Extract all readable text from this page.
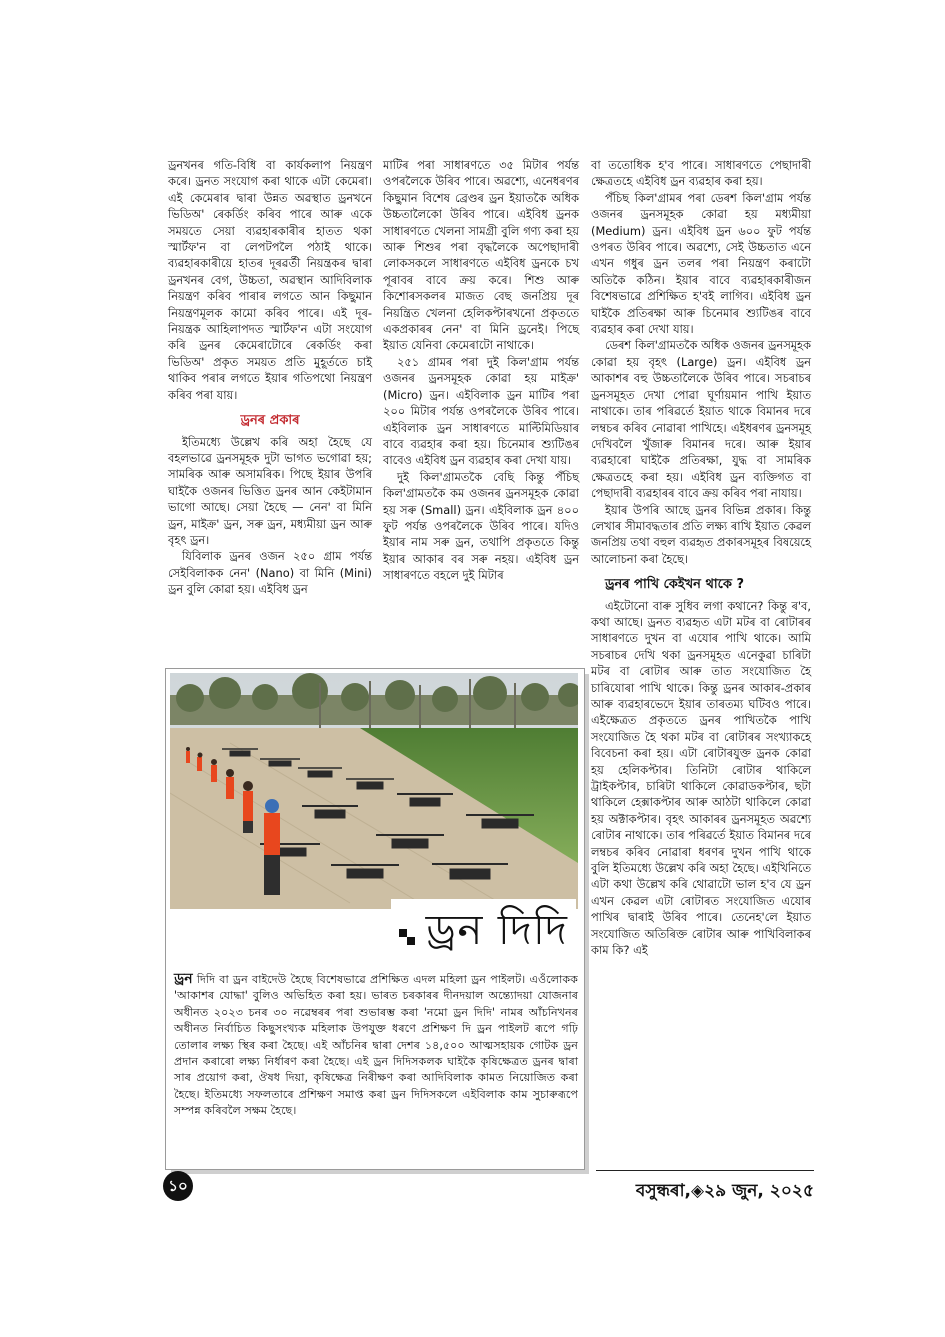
ড্ৰনখনৰ গতি-বিধি বা কাৰ্যকলাপ নিয়ন্ত্ৰণ কৰে। ড্ৰনত সংযোগ কৰা থাকে এটা কেমেৰা। এই কেমেৰাৰ দ্বাৰা উন্নত অৱস্থাত ড্ৰনখনে ভিডিঅ' ৰেকৰ্ডিং কৰিব পাৰে আৰু একে সময়তে সেয়া ব্যৱহাৰকাৰীৰ হাতত থকা স্মাৰ্টফ'ন বা লেপটপলৈ পঠাই থাকে। ব্যৱহাৰকাৰীয়ে হাতৰ দূৰৱৰ্তী নিয়ন্ত্ৰকৰ দ্বাৰা ড্ৰনখনৰ বেগ, উচ্চতা, অৱস্থান আদিবিলাক নিয়ন্ত্ৰণ কৰিব পাৰাৰ লগতে আন কিছুমান নিয়ন্ত্ৰণমূলক কামো কৰিব পাৰে। এই দূৰ-নিয়ন্ত্ৰক আহিলাপদত স্মাৰ্টফ'ন এটা সংযোগ কৰি ড্ৰনৰ কেমেৰাটোৰে ৰেকৰ্ডিং কৰা ভিডিঅ' প্ৰকৃত সময়ত প্ৰতি মুহূৰ্ততে চাই থাকিব পৰাৰ লগতে ইয়াৰ গতিপথো নিয়ন্ত্ৰণ কৰিব পৰা যায়।

ড্ৰনৰ প্ৰকাৰ

ইতিমধ্যে উল্লেখ কৰি অহা হৈছে যে বহলভাৱে ড্ৰনসমূহক দুটা ভাগত ভগোৱা হয়; সামৰিক আৰু অসামৰিক। পিছে ইয়াৰ উপৰি ঘাইকৈ ওজনৰ ভিত্তিত ড্ৰনৰ আন কেইটামান ভাগো আছে। সেয়া হৈছে — নেন' বা মিনি ড্ৰন, মাইক্ৰ' ড্ৰন, সৰু ড্ৰন, মধ্যমীয়া ড্ৰন আৰু বৃহৎ ড্ৰন।

যিবিলাক ড্ৰনৰ ওজন ২৫০ গ্ৰাম পৰ্যন্ত সেইবিলাকক নেন' (Nano) বা মিনি (Mini) ড্ৰন বুলি কোৱা হয়। এইবিধ ড্ৰন

মাটিৰ পৰা সাধাৰণতে ৩৫ মিটাৰ পৰ্যন্ত ওপৰলৈকে উৰিব পাৰে। অৱশ্যে, এনেধৰণৰ কিছুমান বিশেষ ব্ৰেণ্ডৰ ড্ৰন ইয়াতকৈ অধিক উচ্চতালৈকো উৰিব পাৰে। এইবিধ ড্ৰনক সাধাৰণতে খেলনা সামগ্ৰী বুলি গণ্য কৰা হয় আৰু শিশুৰ পৰা বৃদ্ধলৈকে অপেছাদাৰী লোকসকলে সাধাৰণতে এইবিধ ড্ৰনকে চখ পূৰাবৰ বাবে ক্ৰয় কৰে। শিশু আৰু কিশোৰসকলৰ মাজত বেছ জনপ্ৰিয় দূৰ নিয়ন্ত্ৰিত খেলনা হেলিকপ্টাৰখনো প্ৰকৃততে একপ্ৰকাৰৰ নেন' বা মিনি ড্ৰনেই। পিছে ইয়াত যেনিবা কেমেৰাটো নাথাকে।

২৫১ গ্ৰামৰ পৰা দুই কিল'গ্ৰাম পৰ্যন্ত ওজনৰ ড্ৰনসমূহক কোৱা হয় মাইক্ৰ' (Micro) ড্ৰন। এইবিলাক ড্ৰন মাটিৰ পৰা ২০০ মিটাৰ পৰ্যন্ত ওপৰলৈকে উৰিব পাৰে। এইবিলাক ড্ৰন সাধাৰণতে মাল্টিমিডিয়াৰ বাবে ব্যৱহাৰ কৰা হয়। চিনেমাৰ শ্যুটিঙৰ বাবেও এইবিধ ড্ৰন ব্যৱহাৰ কৰা দেখা যায়।

দুই কিল'গ্ৰামতকৈ বেছি কিন্তু পঁচিছ কিল'গ্ৰামতকৈ কম ওজনৰ ড্ৰনসমূহক কোৱা হয় সৰু (Small) ড্ৰন। এইবিলাক ড্ৰন ৪০০ ফুট পৰ্যন্ত ওপৰলৈকে উৰিব পাৰে। যদিও ইয়াৰ নাম সৰু ড্ৰন, তথাপি প্ৰকৃততে কিন্তু ইয়াৰ আকাৰ বৰ সৰু নহয়। এইবিধ ড্ৰন সাধাৰণতে বহলে দুই মিটাৰ

বা ততোধিক হ'ব পাৰে। সাধাৰণতে পেছাদাৰী ক্ষেত্ৰতহে এইবিধ ড্ৰন ব্যৱহাৰ কৰা হয়।

পঁচিছ কিল'গ্ৰামৰ পৰা ডেৰশ কিল'গ্ৰাম পৰ্যন্ত ওজনৰ ড্ৰনসমূহক কোৱা হয় মধ্যমীয়া (Medium) ড্ৰন। এইবিধ ড্ৰন ৬০০ ফুট পৰ্যন্ত ওপৰত উৰিব পাৰে। অৱশ্যে, সেই উচ্চতাত এনে এখন গধুৰ ড্ৰন তলৰ পৰা নিয়ন্ত্ৰণ কৰাটো অতিকৈ কঠিন। ইয়াৰ বাবে ব্যৱহাৰকাৰীজন বিশেষভাৱে প্ৰশিক্ষিত হ'বই লাগিব। এইবিধ ড্ৰন ঘাইকৈ প্ৰতিৰক্ষা আৰু চিনেমাৰ শ্যুটিঙৰ বাবে ব্যৱহাৰ কৰা দেখা যায়।

ডেৰশ কিল'গ্ৰামতকৈ অধিক ওজনৰ ড্ৰনসমূহক কোৱা হয় বৃহৎ (Large) ড্ৰন। এইবিধ ড্ৰন আকাশৰ বহু উচ্চতালৈকে উৰিব পাৰে। সচৰাচৰ ড্ৰনসমূহত দেখা পোৱা ঘূৰ্ণায়মান পাখি ইয়াত নাথাকে। তাৰ পৰিৱৰ্তে ইয়াত থাকে বিমানৰ দৰে লম্বচৰ কৰিব নোৱাৰা পাখিহে। এইধৰণৰ ড্ৰনসমূহ দেখিবলৈ খুঁজাৰু বিমানৰ দৰে। আৰু ইয়াৰ ব্যৱহাৰো ঘাইকৈ প্ৰতিৰক্ষা, যুদ্ধ বা সামৰিক ক্ষেত্ৰতহে কৰা হয়। এইবিধ ড্ৰন ব্যক্তিগত বা পেছাদাৰী ব্যৱহাৰৰ বাবে ক্ৰয় কৰিব পৰা নাযায়।

ইয়াৰ উপৰি আছে ড্ৰনৰ বিভিন্ন প্ৰকাৰ। কিন্তু লেখাৰ সীমাবদ্ধতাৰ প্ৰতি লক্ষ্য ৰাখি ইয়াত কেৱল জনপ্ৰিয় তথা বহুল ব্যৱহৃত প্ৰকাৰসমূহৰ বিষয়েহে আলোচনা কৰা হৈছে।

ড্ৰনৰ পাখি কেইখন থাকে ?

এইটোনো বাৰু সুধিব লগা কথানে? কিন্তু ৰ'ব, কথা আছে। ড্ৰনত ব্যৱহৃত এটা মটৰ বা ৰোটাৰৰ সাধাৰণতে দুখন বা এযোৰ পাখি থাকে। আমি সচৰাচৰ দেখি থকা ড্ৰনসমূহত এনেকুৱা চাৰিটা মটৰ বা ৰোটাৰ আৰু তাত সংযোজিত হৈ চাৰিযোৰা পাখি থাকে। কিন্তু ড্ৰনৰ আকাৰ-প্ৰকাৰ আৰু ব্যৱহাৰভেদে ইয়াৰ তাৰতম্য ঘটিবও পাৰে। এইক্ষেত্ৰত প্ৰকৃততে ড্ৰনৰ পাখিতকৈ পাখি সংযোজিত হৈ থকা মটৰ বা ৰোটাৰৰ সংখ্যাকহে বিবেচনা কৰা হয়। এটা ৰোটাৰযুক্ত ড্ৰনক কোৱা হয় হেলিকপ্টাৰ। তিনিটা ৰোটাৰ থাকিলে ট্ৰাইকপ্টাৰ, চাৰিটা থাকিলে কোৱাডকপ্টাৰ, ছটা থাকিলে হেক্সাকপ্টাৰ আৰু আঠটা থাকিলে কোৱা হয় অক্টাকপ্টাৰ। বৃহৎ আকাৰৰ ড্ৰনসমূহত অৱশ্যে ৰোটাৰ নাথাকে। তাৰ পৰিৱৰ্তে ইয়াত বিমানৰ দৰে লম্বচৰ কৰিব নোৱাৰা ধৰণৰ দুখন পাখি থাকে বুলি ইতিমধ্যে উল্লেখ কৰি অহা হৈছে। এইখিনিতে এটা কথা উল্লেখ কৰি থোৱাটো ভাল হ'ব যে ড্ৰন এখন কেৱল এটা ৰোটাৰত সংযোজিত এযোৰ পাখিৰ দ্বাৰাই উৰিব পাৰে। তেনেহ'লে ইয়াত সংযোজিত অতিৰিক্ত ৰোটাৰ আৰু পাখিবিলাকৰ কাম কি? এই

ড্ৰন দিদি
ড্ৰন দিদি বা ড্ৰন বাইদেউ হৈছে বিশেষভাৱে প্ৰশিক্ষিত এদল মহিলা ড্ৰন পাইলট। এওঁলোকক 'আকাশৰ যোদ্ধা' বুলিও অভিহিত কৰা হয়। ভাৰত চৰকাৰৰ দীনদয়াল অন্ত্যোদয়া যোজনাৰ অধীনত ২০২৩ চনৰ ৩০ নৱেম্বৰৰ পৰা শুভাৰম্ভ কৰা 'নমো ড্ৰন দিদি' নামৰ আঁচনিখনৰ অধীনত নিৰ্বাচিত কিছুসংখ্যক মহিলাক উপযুক্ত ধৰণে প্ৰশিক্ষণ দি ড্ৰন পাইলট ৰূপে গঢ়ি তোলাৰ লক্ষ্য স্থিৰ কৰা হৈছে। এই আঁচনিৰ দ্বাৰা দেশৰ ১৪,৫০০ আত্মসহায়ক গোটক ড্ৰন প্ৰদান কৰাৰো লক্ষ্য নিৰ্ধাৰণ কৰা হৈছে। এই ড্ৰন দিদিসকলক ঘাইকৈ কৃষিক্ষেত্ৰত ড্ৰনৰ দ্বাৰা সাৰ প্ৰয়োগ কৰা, ঔষধ দিয়া, কৃষিক্ষেত্ৰ নিৰীক্ষণ কৰা আদিবিলাক কামত নিয়োজিত কৰা হৈছে। ইতিমধ্যে সফলতাৰে প্ৰশিক্ষণ সমাপ্ত কৰা ড্ৰন দিদিসকলে এইবিলাক কাম সুচাৰুৰূপে সম্পন্ন কৰিবলৈ সক্ষম হৈছে।
১০	বসুন্ধৰা,◈২৯ জুন, ২০২৫
